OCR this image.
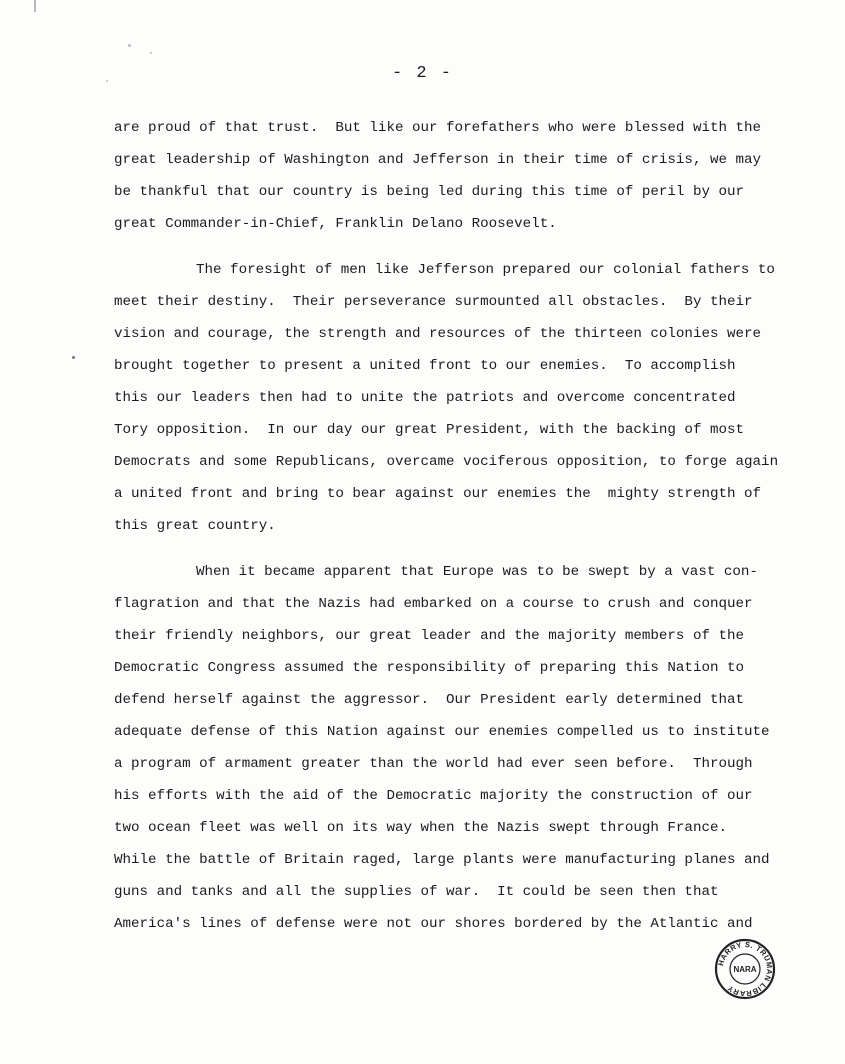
- 2 -
are proud of that trust.  But like our forefathers who were blessed with the
great leadership of Washington and Jefferson in their time of crisis, we may
be thankful that our country is being led during this time of peril by our
great Commander-in-Chief, Franklin Delano Roosevelt.
The foresight of men like Jefferson prepared our colonial fathers to
meet their destiny.  Their perseverance surmounted all obstacles.  By their
vision and courage, the strength and resources of the thirteen colonies were
brought together to present a united front to our enemies.  To accomplish
this our leaders then had to unite the patriots and overcome concentrated
Tory opposition.  In our day our great President, with the backing of most
Democrats and some Republicans, overcame vociferous opposition, to forge again
a united front and bring to bear against our enemies the  mighty strength of
this great country.
When it became apparent that Europe was to be swept by a vast con-
flagration and that the Nazis had embarked on a course to crush and conquer
their friendly neighbors, our great leader and the majority members of the
Democratic Congress assumed the responsibility of preparing this Nation to
defend herself against the aggressor.  Our President early determined that
adequate defense of this Nation against our enemies compelled us to institute
a program of armament greater than the world had ever seen before.  Through
his efforts with the aid of the Democratic majority the construction of our
two ocean fleet was well on its way when the Nazis swept through France.
While the battle of Britain raged, large plants were manufacturing planes and
guns and tanks and all the supplies of war.  It could be seen then that
America's lines of defense were not our shores bordered by the Atlantic and
HARRY S. TRUMAN LIBRARY
NARA
